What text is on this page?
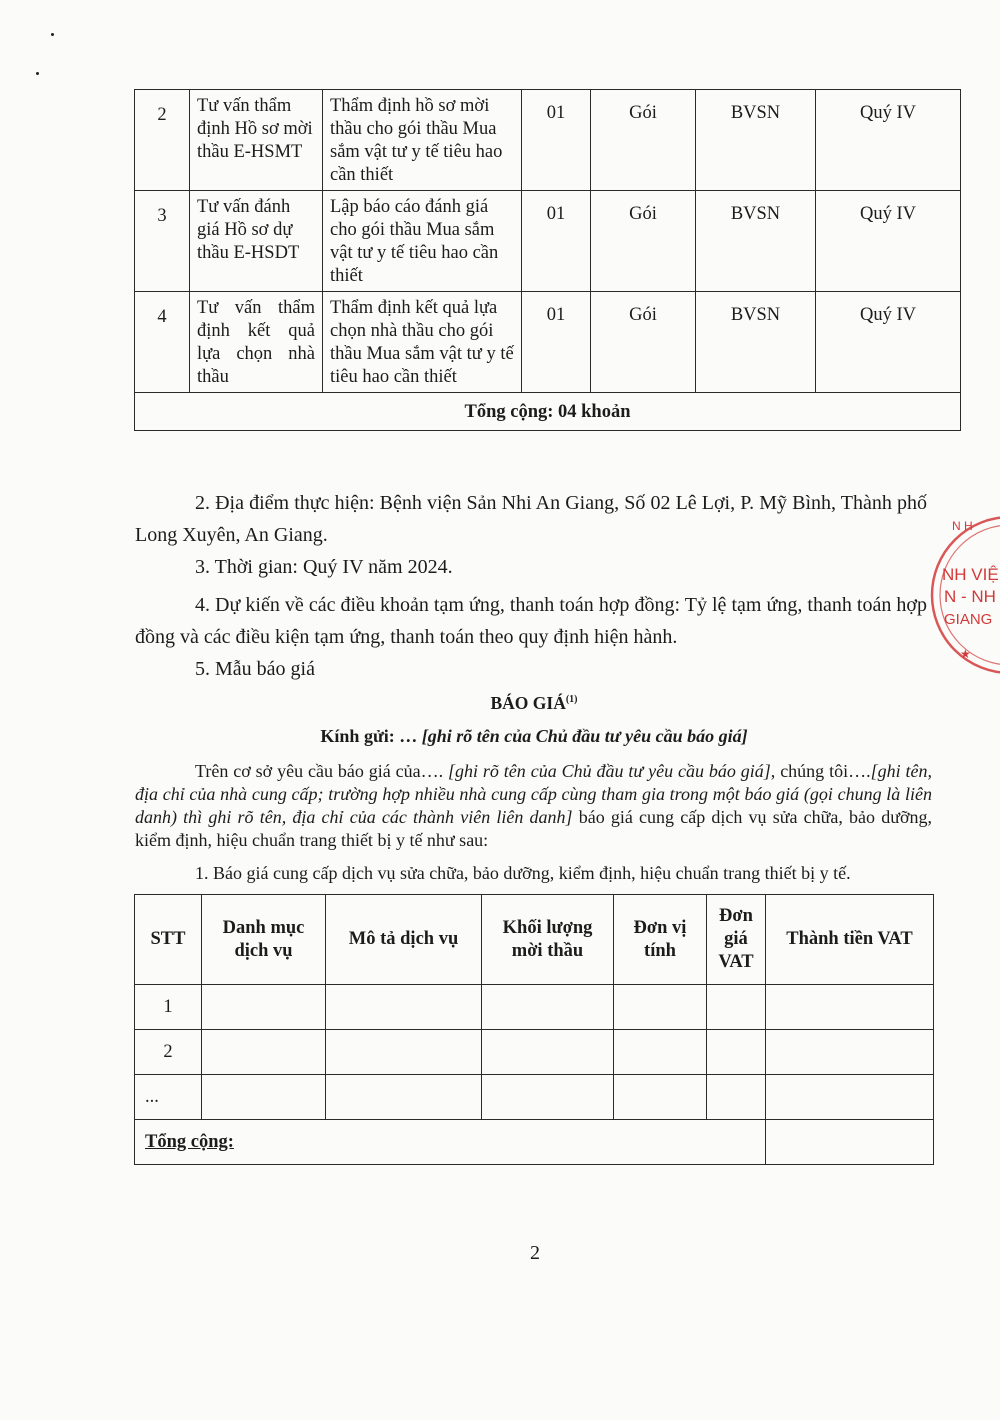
2	Tư vấn thẩm định Hồ sơ mời thầu E-HSMT	Thẩm định hồ sơ mời thầu cho gói thầu Mua sắm vật tư y tế tiêu hao cần thiết	01	Gói	BVSN	Quý IV
3	Tư vấn đánh giá Hồ sơ dự thầu E-HSDT	Lập báo cáo đánh giá cho gói thầu Mua sắm vật tư y tế tiêu hao cần thiết	01	Gói	BVSN	Quý IV
4	Tư vấn thẩm định kết quả lựa chọn nhà thầu	Thẩm định kết quả lựa chọn nhà thầu cho gói thầu Mua sắm vật tư y tế tiêu hao cần thiết	01	Gói	BVSN	Quý IV
Tổng cộng: 04 khoản						

2. Địa điểm thực hiện: Bệnh viện Sản Nhi An Giang, Số 02 Lê Lợi, P. Mỹ Bình, Thành phố Long Xuyên, An Giang.

3. Thời gian: Quý IV năm 2024.

4. Dự kiến về các điều khoản tạm ứng, thanh toán hợp đồng: Tỷ lệ tạm ứng, thanh toán hợp đồng và các điều kiện tạm ứng, thanh toán theo quy định hiện hành.

5. Mẫu báo giá

BÁO GIÁ$^{(1)}$

Kính gửi: … [ghi rõ tên của Chủ đầu tư yêu cầu báo giá]

Trên cơ sở yêu cầu báo giá của…. [ghi rõ tên của Chủ đầu tư yêu cầu báo giá], chúng tôi….[ghi tên, địa chỉ của nhà cung cấp; trường hợp nhiều nhà cung cấp cùng tham gia trong một báo giá (gọi chung là liên danh) thì ghi rõ tên, địa chỉ của các thành viên liên danh] báo giá cung cấp dịch vụ sửa chữa, bảo dưỡng, kiểm định, hiệu chuẩn trang thiết bị y tế như sau:

1. Báo giá cung cấp dịch vụ sửa chữa, bảo dưỡng, kiểm định, hiệu chuẩn trang thiết bị y tế.

STT	Danh mục dịch vụ	Mô tả dịch vụ	Khối lượng mời thầu	Đơn vị tính	Đơn giá VAT	Thành tiền VAT
1						
2						
...						
Tổng cộng:						
2
N H
NH VIỆ
N - NH
GIANG
★
